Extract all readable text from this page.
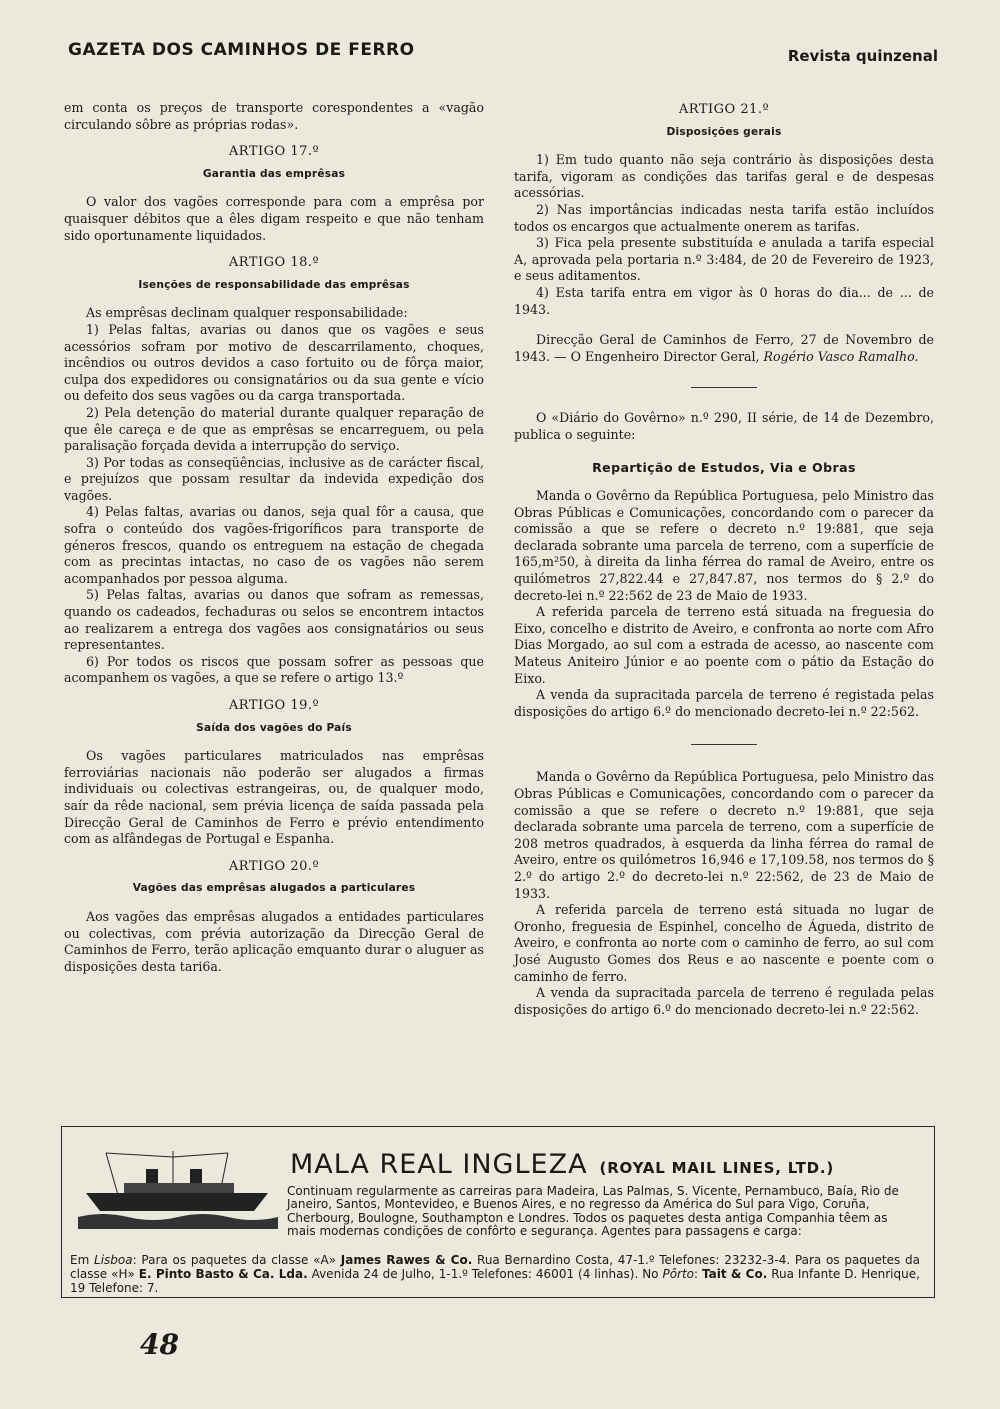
GAZETA DOS CAMINHOS DE FERRO	Revista quinzenal

em conta os preços de transporte corespondentes a «vagão circulando sôbre as próprias rodas».

ARTIGO 17.º
Garantia das emprêsas

O valor dos vagões corresponde para com a emprêsa por quaisquer débitos que a êles digam respeito e que não tenham sido oportunamente liquidados.

ARTIGO 18.º
Isenções de responsabilidade das emprêsas

As emprêsas declinam qualquer responsabilidade:

1) Pelas faltas, avarias ou danos que os vagões e seus acessórios sofram por motivo de descarrilamento, choques, incêndios ou outros devidos a caso fortuito ou de fôrça maior, culpa dos expedidores ou consignatários ou da sua gente e vício ou defeito dos seus vagões ou da carga transportada.

2) Pela detenção do material durante qualquer reparação de que êle careça e de que as emprêsas se encarreguem, ou pela paralisação forçada devida a interrupção do serviço.

3) Por todas as conseqüências, inclusive as de carácter fiscal, e prejuízos que possam resultar da indevida expedição dos vagões.

4) Pelas faltas, avarias ou danos, seja qual fôr a causa, que sofra o conteúdo dos vagões-frigoríficos para transporte de géneros frescos, quando os entreguem na estação de chegada com as precintas intactas, no caso de os vagões não serem acompanhados por pessoa alguma.

5) Pelas faltas, avarias ou danos que sofram as remessas, quando os cadeados, fechaduras ou selos se encontrem intactos ao realizarem a entrega dos vagões aos consignatários ou seus representantes.

6) Por todos os riscos que possam sofrer as pessoas que acompanhem os vagões, a que se refere o artigo 13.º

ARTIGO 19.º
Saída dos vagões do País

Os vagões particulares matriculados nas emprêsas ferroviárias nacionais não poderão ser alugados a firmas individuais ou colectivas estrangeiras, ou, de qualquer modo, saír da rêde nacional, sem prévia licença de saída passada pela Direcção Geral de Caminhos de Ferro e prévio entendimento com as alfândegas de Portugal e Espanha.

ARTIGO 20.º
Vagões das emprêsas alugados a particulares

Aos vagões das emprêsas alugados a entidades particulares ou colectivas, com prévia autorização da Direcção Geral de Caminhos de Ferro, terão aplicação emquanto durar o aluguer as disposições desta tari6a.

ARTIGO 21.º
Disposições gerais

1) Em tudo quanto não seja contrário às disposições desta tarifa, vigoram as condições das tarifas geral e de despesas acessórias.

2) Nas importâncias indicadas nesta tarifa estão incluídos todos os encargos que actualmente onerem as tarifas.

3) Fica pela presente substituída e anulada a tarifa especial A, aprovada pela portaria n.º 3:484, de 20 de Fevereiro de 1923, e seus aditamentos.

4) Esta tarifa entra em vigor às 0 horas do dia... de ... de 1943.

Direcção Geral de Caminhos de Ferro, 27 de Novembro de 1943. — O Engenheiro Director Geral, Rogério Vasco Ramalho.

O «Diário do Govêrno» n.º 290, II série, de 14 de Dezembro, publica o seguinte:

Repartição de Estudos, Via e Obras

Manda o Govêrno da República Portuguesa, pelo Ministro das Obras Públicas e Comunicações, concordando com o parecer da comissão a que se refere o decreto n.º 19:881, que seja declarada sobrante uma parcela de terreno, com a superfície de 165,m²50, à direita da linha férrea do ramal de Aveiro, entre os quilómetros 27,822.44 e 27,847.87, nos termos do § 2.º do decreto-lei n.º 22:562 de 23 de Maio de 1933.

A referida parcela de terreno está situada na freguesia do Eixo, concelho e distrito de Aveiro, e confronta ao norte com Afro Dias Morgado, ao sul com a estrada de acesso, ao nascente com Mateus Aniteiro Júnior e ao poente com o pátio da Estação do Eixo.

A venda da supracitada parcela de terreno é registada pelas disposições do artigo 6.º do mencionado decreto-lei n.º 22:562.

Manda o Govêrno da República Portuguesa, pelo Ministro das Obras Públicas e Comunicações, concordando com o parecer da comissão a que se refere o decreto n.º 19:881, que seja declarada sobrante uma parcela de terreno, com a superfície de 208 metros quadrados, à esquerda da linha férrea do ramal de Aveiro, entre os quilómetros 16,946 e 17,109.58, nos termos do § 2.º do artigo 2.º do decreto-lei n.º 22:562, de 23 de Maio de 1933.

A referida parcela de terreno está situada no lugar de Oronho, freguesia de Espinhel, concelho de Águeda, distrito de Aveiro, e confronta ao norte com o caminho de ferro, ao sul com José Augusto Gomes dos Reus e ao nascente e poente com o caminho de ferro.

A venda da supracitada parcela de terreno é regulada pelas disposições do artigo 6.º do mencionado decreto-lei n.º 22:562.

MALA REAL INGLEZA (ROYAL MAIL LINES, LTD.)
Continuam regularmente as carreiras para Madeira, Las Palmas, S. Vicente, Pernambuco, Baía, Rio de Janeiro, Santos, Montevideo, e Buenos Aires, e no regresso da América do Sul para Vigo, Coruña, Cherbourg, Boulogne, Southampton e Londres. Todos os paquetes desta antiga Companhia têem as mais modernas condições de confôrto e segurança. Agentes para passagens e carga:
Em Lisboa: Para os paquetes da classe «A» James Rawes & Co. Rua Bernardino Costa, 47-1.º Telefones: 23232-3-4. Para os paquetes da classe «H» E. Pinto Basto & Ca. Lda. Avenida 24 de Julho, 1-1.º Telefones: 46001 (4 linhas). No Pôrto: Tait & Co. Rua Infante D. Henrique, 19 Telefone: 7.
48
